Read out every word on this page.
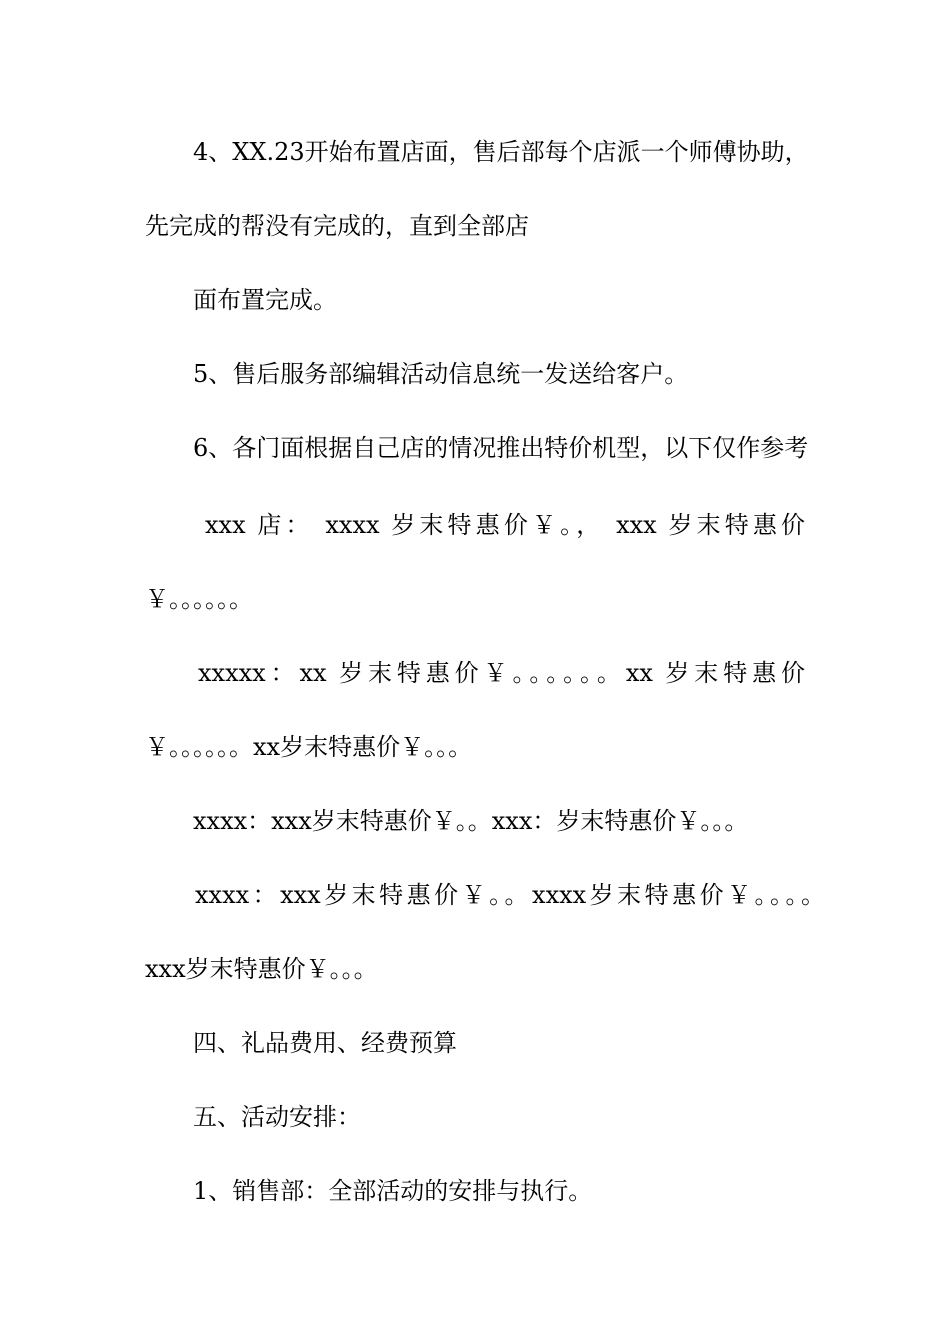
4、XX.23开始布置店面，售后部每个店派一个师傅协助，

先完成的帮没有完成的，直到全部店

面布置完成。

5、售后服务部编辑活动信息统一发送给客户。

6、各门面根据自己店的情况推出特价机型，以下仅作参考

xxx 店： xxxx 岁末特惠价￥。， xxx 岁末特惠价

￥。。。。。。

xxxxx：xx 岁末特惠价￥。。。。。。xx 岁末特惠价

￥。。。。。。xx岁末特惠价￥。。。

xxxx：xxx岁末特惠价￥。。xxx：岁末特惠价￥。。。

xxxx：xxx岁末特惠价￥。。xxxx岁末特惠价￥。。。。

xxx岁末特惠价￥。。。

四、礼品费用、经费预算

五、活动安排：

1、销售部：全部活动的安排与执行。
